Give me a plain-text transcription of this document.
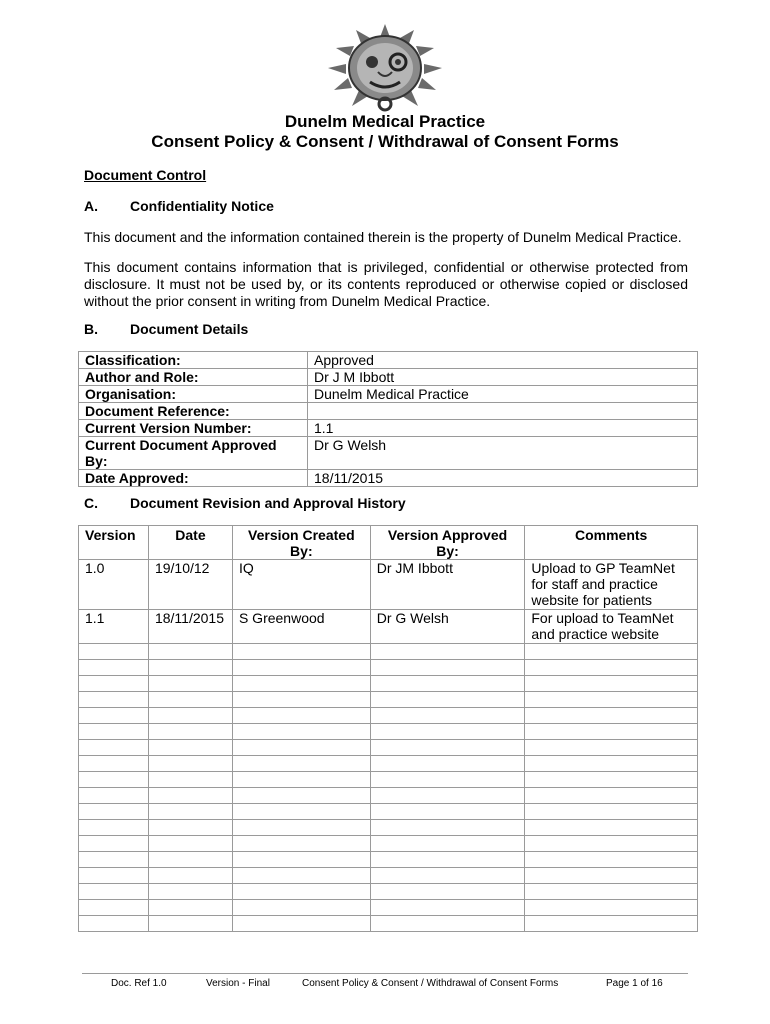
Dunelm Medical Practice
Consent Policy & Consent / Withdrawal of Consent Forms
Document Control
A. Confidentiality Notice
This document and the information contained therein is the property of Dunelm Medical Practice.
This document contains information that is privileged, confidential or otherwise protected from disclosure. It must not be used by, or its contents reproduced or otherwise copied or disclosed without the prior consent in writing from Dunelm Medical Practice.
B. Document Details
Classification:	Approved
Author and Role:	Dr J M Ibbott
Organisation:	Dunelm Medical Practice
Document Reference:	
Current Version Number:	1.1
Current Document Approved By:	Dr G Welsh
Date Approved:	18/11/2015
C. Document Revision and Approval History
Version	Date	Version Created By:	Version Approved By:	Comments
1.0	19/10/12	IQ	Dr JM Ibbott	Upload to GP TeamNet for staff and practice website for patients
1.1	18/11/2015	S Greenwood	Dr G Welsh	For upload to TeamNet and practice website

Doc. Ref 1.0	Version - Final	Consent Policy & Consent / Withdrawal of Consent Forms	Page 1 of 16
